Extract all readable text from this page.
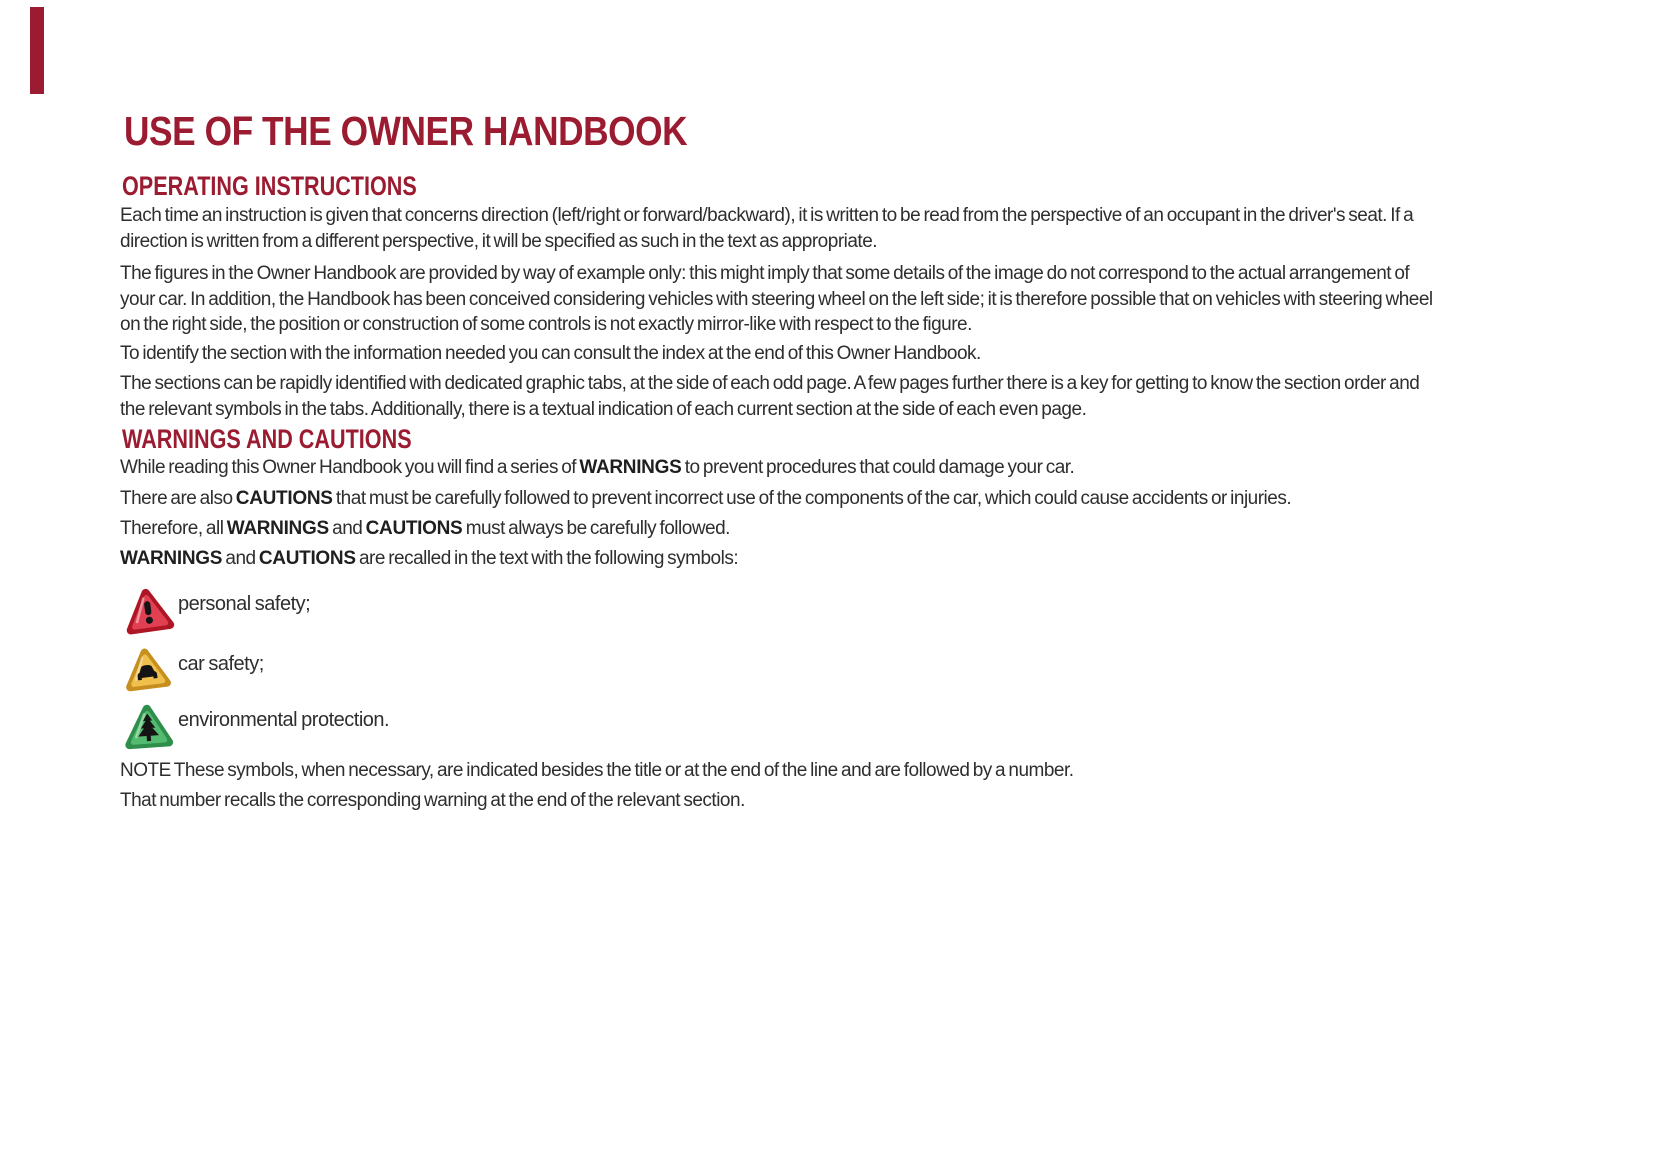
USE OF THE OWNER HANDBOOK
OPERATING INSTRUCTIONS

Each time an instruction is given that concerns direction (left/right or forward/backward), it is written to be read from the perspective of an occupant in the driver's seat. If a direction is written from a different perspective, it will be specified as such in the text as appropriate.

The figures in the Owner Handbook are provided by way of example only: this might imply that some details of the image do not correspond to the actual arrangement of your car. In addition, the Handbook has been conceived considering vehicles with steering wheel on the left side; it is therefore possible that on vehicles with steering wheel on the right side, the position or construction of some controls is not exactly mirror-like with respect to the figure.

To identify the section with the information needed you can consult the index at the end of this Owner Handbook.

The sections can be rapidly identified with dedicated graphic tabs, at the side of each odd page. A few pages further there is a key for getting to know the section order and the relevant symbols in the tabs. Additionally, there is a textual indication of each current section at the side of each even page.

WARNINGS AND CAUTIONS

While reading this Owner Handbook you will find a series of WARNINGS to prevent procedures that could damage your car.

There are also CAUTIONS that must be carefully followed to prevent incorrect use of the components of the car, which could cause accidents or injuries.

Therefore, all WARNINGS and CAUTIONS must always be carefully followed.

WARNINGS and CAUTIONS are recalled in the text with the following symbols:

personal safety;
car safety;
environmental protection.

NOTE These symbols, when necessary, are indicated besides the title or at the end of the line and are followed by a number.

That number recalls the corresponding warning at the end of the relevant section.
